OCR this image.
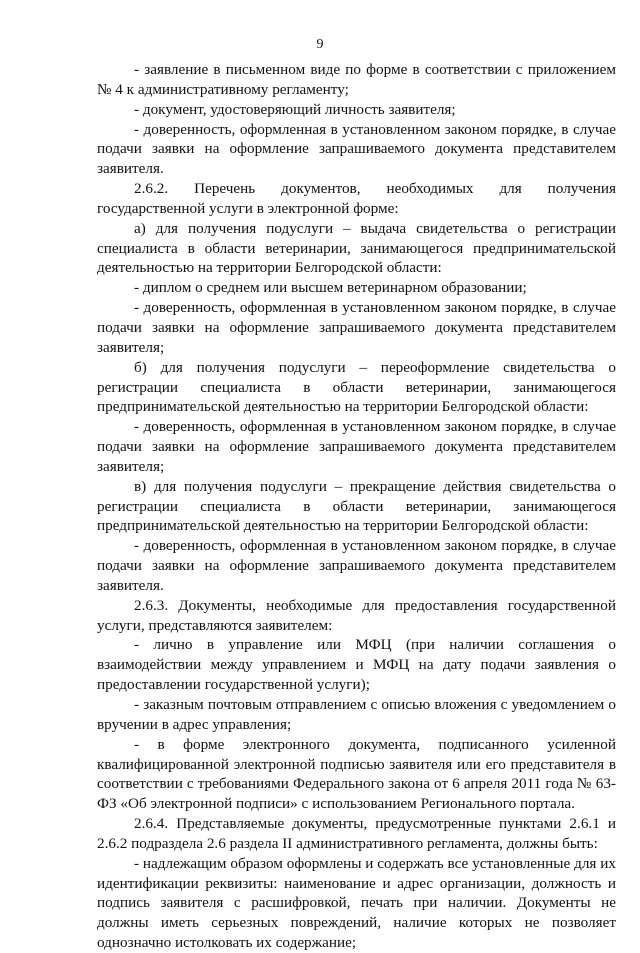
9

- заявление в письменном виде по форме в соответствии с приложением № 4 к административному регламенту;

- документ, удостоверяющий личность заявителя;

- доверенность, оформленная в установленном законом порядке, в случае подачи заявки на оформление запрашиваемого документа представителем заявителя.

2.6.2. Перечень документов, необходимых для получения государственной услуги в электронной форме:

а) для получения подуслуги – выдача свидетельства о регистрации специалиста в области ветеринарии, занимающегося предпринимательской деятельностью на территории Белгородской области:

- диплом о среднем или высшем ветеринарном образовании;

- доверенность, оформленная в установленном законом порядке, в случае подачи заявки на оформление запрашиваемого документа представителем заявителя;

б) для получения подуслуги – переоформление свидетельства о регистрации специалиста в области ветеринарии, занимающегося предпринимательской деятельностью на территории Белгородской области:

- доверенность, оформленная в установленном законом порядке, в случае подачи заявки на оформление запрашиваемого документа представителем заявителя;

в) для получения подуслуги – прекращение действия свидетельства о регистрации специалиста в области ветеринарии, занимающегося предпринимательской деятельностью на территории Белгородской области:

- доверенность, оформленная в установленном законом порядке, в случае подачи заявки на оформление запрашиваемого документа представителем заявителя.

2.6.3. Документы, необходимые для предоставления государственной услуги, представляются заявителем:

- лично в управление или МФЦ (при наличии соглашения о взаимодействии между управлением и МФЦ на дату подачи заявления о предоставлении государственной услуги);

- заказным почтовым отправлением с описью вложения с уведомлением о вручении в адрес управления;

- в форме электронного документа, подписанного усиленной квалифицированной электронной подписью заявителя или его представителя в соответствии с требованиями Федерального закона от 6 апреля 2011 года № 63-ФЗ «Об электронной подписи» с использованием Регионального портала.

2.6.4. Представляемые документы, предусмотренные пунктами 2.6.1 и 2.6.2 подраздела 2.6 раздела II административного регламента, должны быть:

- надлежащим образом оформлены и содержать все установленные для их идентификации реквизиты: наименование и адрес организации, должность и подпись заявителя с расшифровкой, печать при наличии. Документы не должны иметь серьезных повреждений, наличие которых не позволяет однозначно истолковать их содержание;
